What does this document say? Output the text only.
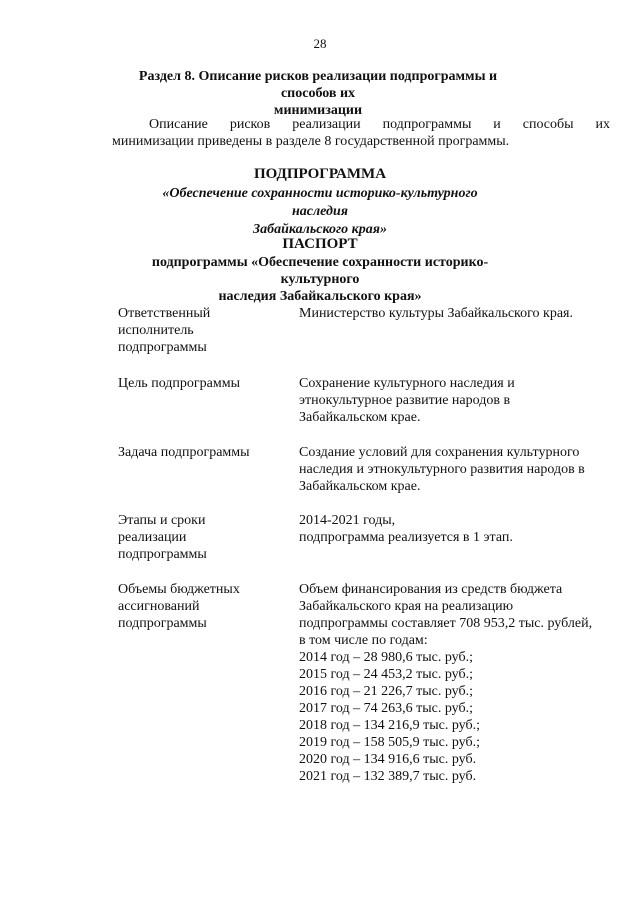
28
Раздел 8. Описание рисков реализации подпрограммы и способов их
минимизации
Описание рисков реализации подпрограммы и способы их
минимизации приведены в разделе 8 государственной программы.
ПОДПРОГРАММА
«Обеспечение сохранности историко-культурного наследия
Забайкальского края»
ПАСПОРТ
подпрограммы «Обеспечение сохранности историко-культурного
наследия Забайкальского края»
Ответственный
исполнитель
подпрограммы
Министерство культуры Забайкальского края.
Цель подпрограммы	Сохранение культурного наследия и
этнокультурное развитие народов в
Забайкальском крае.
Задача подпрограммы	Создание условий для сохранения культурного
наследия и этнокультурного развития народов в
Забайкальском крае.
Этапы и сроки
реализации
подпрограммы
2014-2021 годы,
подпрограмма реализуется в 1 этап.
Объемы бюджетных
ассигнований
подпрограммы
Объем финансирования из средств бюджета
Забайкальского края на реализацию
подпрограммы составляет 708 953,2 тыс. рублей,
в том числе по годам:
2014 год – 28 980,6 тыс. руб.;
2015 год – 24 453,2 тыс. руб.;
2016 год – 21 226,7 тыс. руб.;
2017 год – 74 263,6 тыс. руб.;
2018 год – 134 216,9 тыс. руб.;
2019 год – 158 505,9 тыс. руб.;
2020 год – 134 916,6 тыс. руб.
2021 год – 132 389,7 тыс. руб.
